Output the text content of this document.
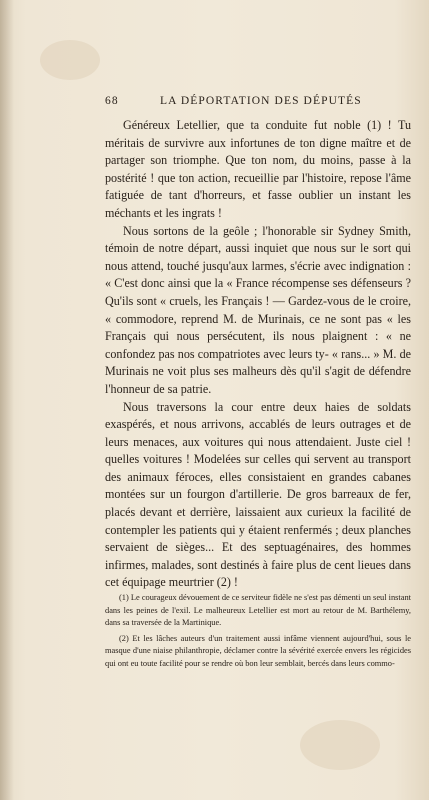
68	LA DÉPORTATION DES DÉPUTÉS

Généreux Letellier, que ta conduite fut noble (1) ! Tu méritais de survivre aux infortunes de ton digne maître et de partager son triomphe. Que ton nom, du moins, passe à la postérité ! que ton action, recueillie par l'histoire, repose l'âme fatiguée de tant d'horreurs, et fasse oublier un instant les méchants et les ingrats !

Nous sortons de la geôle ; l'honorable sir Sydney Smith, témoin de notre départ, aussi inquiet que nous sur le sort qui nous attend, touché jusqu'aux larmes, s'écrie avec indignation : « C'est donc ainsi que la « France récompense ses défenseurs ? Qu'ils sont « cruels, les Français ! — Gardez-vous de le croire, « commodore, reprend M. de Murinais, ce ne sont pas « les Français qui nous persécutent, ils nous plaignent : « ne confondez pas nos compatriotes avec leurs ty- « rans... » M. de Murinais ne voit plus ses malheurs dès qu'il s'agit de défendre l'honneur de sa patrie.

Nous traversons la cour entre deux haies de soldats exaspérés, et nous arrivons, accablés de leurs outrages et de leurs menaces, aux voitures qui nous attendaient. Juste ciel ! quelles voitures ! Modelées sur celles qui servent au transport des animaux féroces, elles consistaient en grandes cabanes montées sur un fourgon d'artillerie. De gros barreaux de fer, placés devant et derrière, laissaient aux curieux la facilité de contempler les patients qui y étaient renfermés ; deux planches servaient de sièges... Et des septuagénaires, des hommes infirmes, malades, sont destinés à faire plus de cent lieues dans cet équipage meurtrier (2) !

(1) Le courageux dévouement de ce serviteur fidèle ne s'est pas démenti un seul instant dans les peines de l'exil. Le malheureux Letellier est mort au retour de M. Barthélemy, dans sa traversée de la Martinique.

(2) Et les lâches auteurs d'un traitement aussi infâme viennent aujourd'hui, sous le masque d'une niaise philanthropie, déclamer contre la sévérité exercée envers les régicides qui ont eu toute facilité pour se rendre où bon leur semblait, bercés dans leurs commo-
